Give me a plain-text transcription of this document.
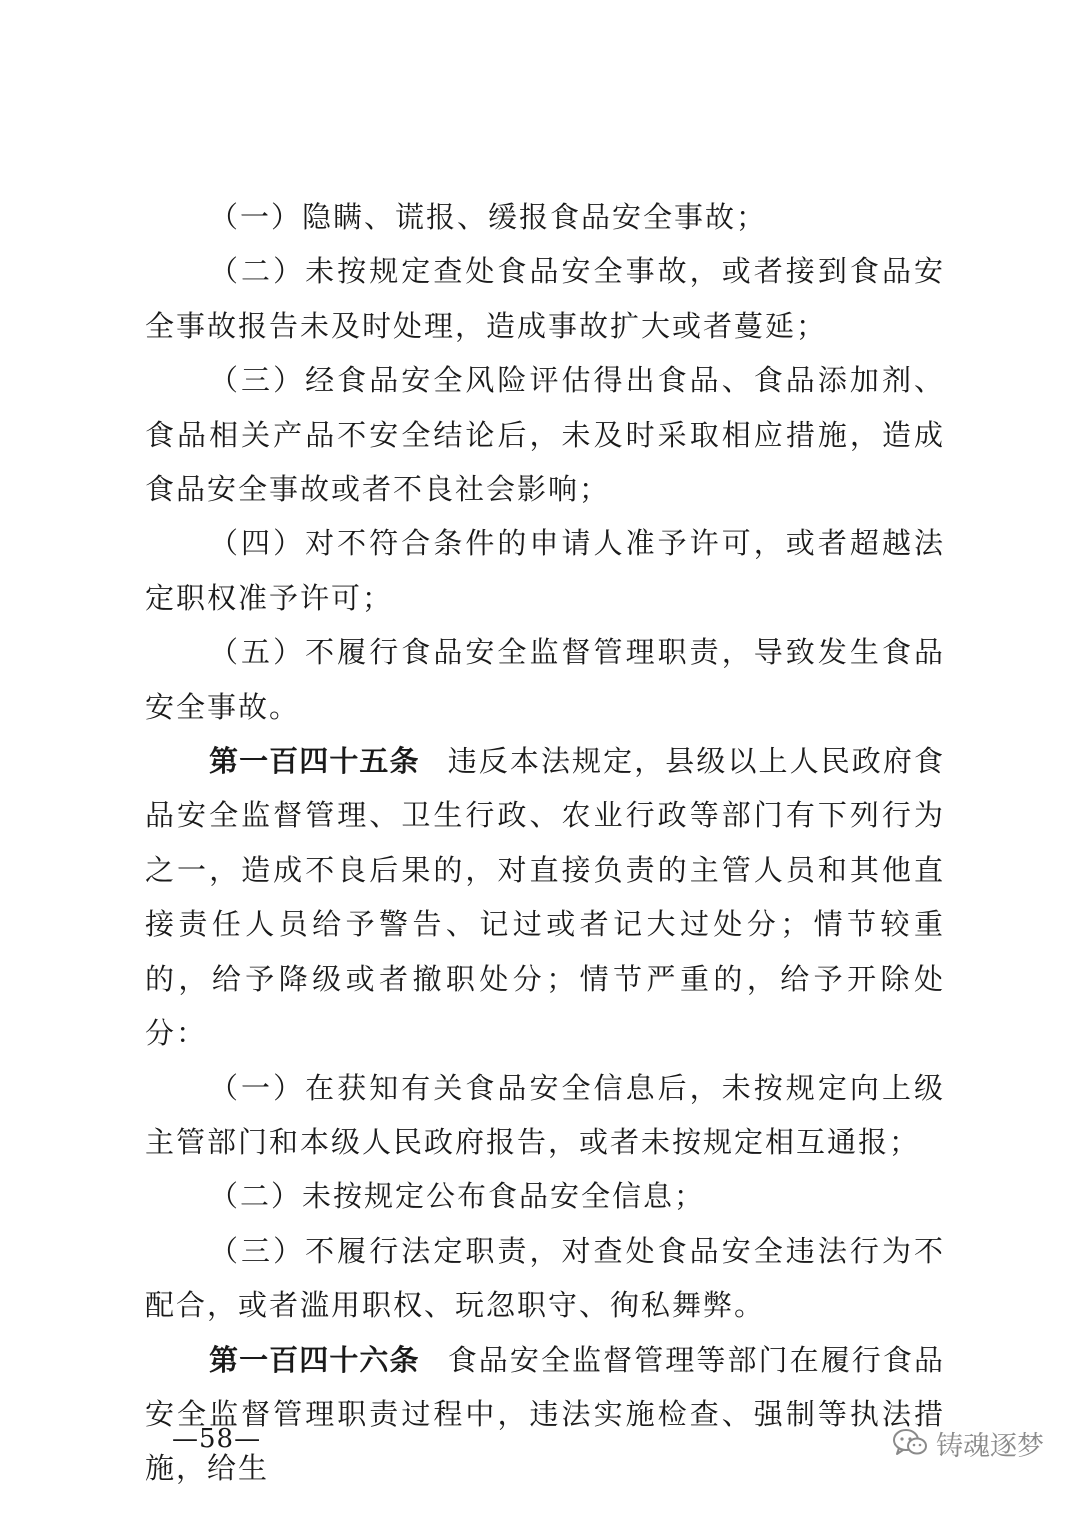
（一）隐瞒、谎报、缓报食品安全事故；

（二）未按规定查处食品安全事故，或者接到食品安全事故报告未及时处理，造成事故扩大或者蔓延；

（三）经食品安全风险评估得出食品、食品添加剂、食品相关产品不安全结论后，未及时采取相应措施，造成食品安全事故或者不良社会影响；

（四）对不符合条件的申请人准予许可，或者超越法定职权准予许可；

（五）不履行食品安全监督管理职责，导致发生食品安全事故。

第一百四十五条 违反本法规定，县级以上人民政府食品安全监督管理、卫生行政、农业行政等部门有下列行为之一，造成不良后果的，对直接负责的主管人员和其他直接责任人员给予警告、记过或者记大过处分；情节较重的，给予降级或者撤职处分；情节严重的，给予开除处分：

（一）在获知有关食品安全信息后，未按规定向上级主管部门和本级人民政府报告，或者未按规定相互通报；

（二）未按规定公布食品安全信息；

（三）不履行法定职责，对查处食品安全违法行为不配合，或者滥用职权、玩忽职守、徇私舞弊。

第一百四十六条 食品安全监督管理等部门在履行食品安全监督管理职责过程中，违法实施检查、强制等执法措施，给生

—58—	铸魂逐梦
